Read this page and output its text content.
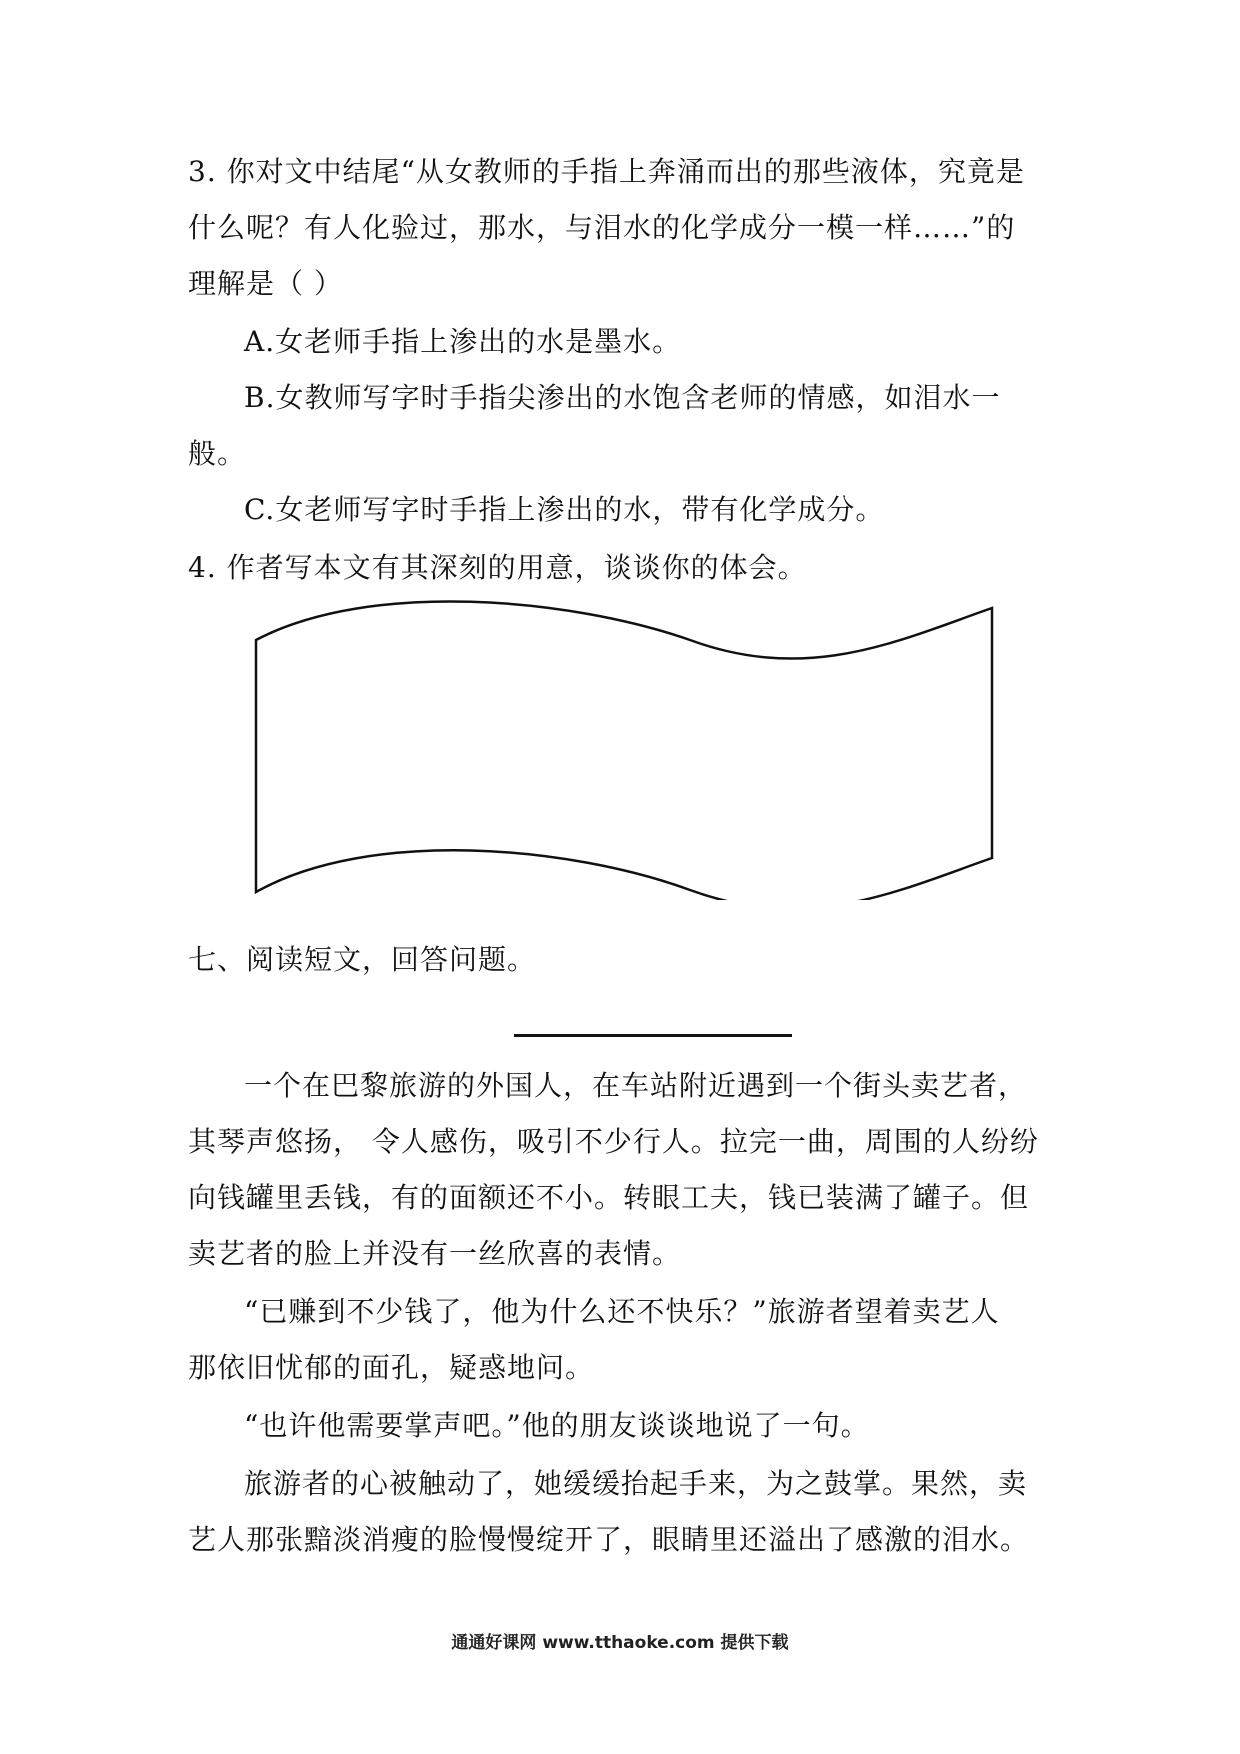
3. 你对文中结尾“从女教师的手指上奔涌而出的那些液体，究竟是
什么呢？有人化验过，那水，与泪水的化学成分一模一样……”的
理解是（ ）
A.女老师手指上渗出的水是墨水。
B.女教师写字时手指尖渗出的水饱含老师的情感，如泪水一
般。
C.女老师写字时手指上渗出的水，带有化学成分。
4. 作者写本文有其深刻的用意，谈谈你的体会。
七、阅读短文，回答问题。
一个在巴黎旅游的外国人，在车站附近遇到一个街头卖艺者，
其琴声悠扬， 令人感伤，吸引不少行人。拉完一曲，周围的人纷纷
向钱罐里丢钱，有的面额还不小。转眼工夫，钱已装满了罐子。但
卖艺者的脸上并没有一丝欣喜的表情。
“已赚到不少钱了，他为什么还不快乐？”旅游者望着卖艺人
那依旧忧郁的面孔，疑惑地问。
“也许他需要掌声吧。”他的朋友谈谈地说了一句。
旅游者的心被触动了，她缓缓抬起手来，为之鼓掌。果然，卖
艺人那张黯淡消瘦的脸慢慢绽开了，眼睛里还溢出了感激的泪水。
通通好课网 www.tthaoke.com 提供下载
